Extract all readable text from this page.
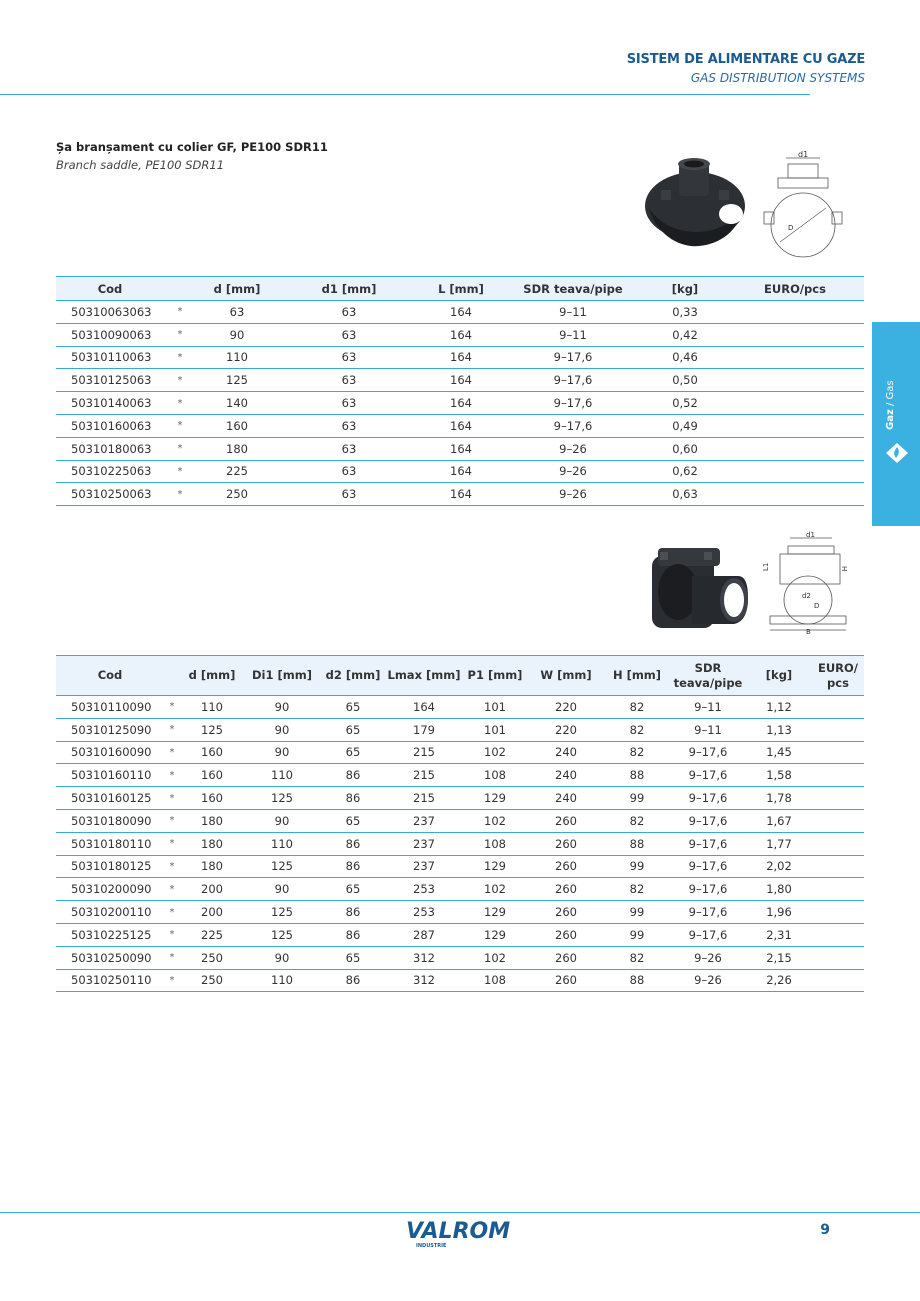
SISTEM DE ALIMENTARE CU GAZE
GAS DISTRIBUTION SYSTEMS
Gaz / Gas
Șa branșament cu colier GF, PE100 SDR11
Branch saddle, PE100 SDR11
d1
D
Cod		d [mm]	d1 [mm]	L [mm]	SDR teava/pipe	[kg]	EURO/pcs
50310063063	*	63	63	164	9–11	0,33	
50310090063	*	90	63	164	9–11	0,42	
50310110063	*	110	63	164	9–17,6	0,46	
50310125063	*	125	63	164	9–17,6	0,50	
50310140063	*	140	63	164	9–17,6	0,52	
50310160063	*	160	63	164	9–17,6	0,49	
50310180063	*	180	63	164	9–26	0,60	
50310225063	*	225	63	164	9–26	0,62	
50310250063	*	250	63	164	9–26	0,63	
d1
L1	H
d2
D
B
Cod		d [mm]	Di1 [mm]	d2 [mm]	Lmax [mm]	P1 [mm]	W [mm]	H [mm]	SDR teava/pipe	[kg]	EURO/ pcs
50310110090	*	110	90	65	164	101	220	82	9–11	1,12	
50310125090	*	125	90	65	179	101	220	82	9–11	1,13	
50310160090	*	160	90	65	215	102	240	82	9–17,6	1,45	
50310160110	*	160	110	86	215	108	240	88	9–17,6	1,58	
50310160125	*	160	125	86	215	129	240	99	9–17,6	1,78	
50310180090	*	180	90	65	237	102	260	82	9–17,6	1,67	
50310180110	*	180	110	86	237	108	260	88	9–17,6	1,77	
50310180125	*	180	125	86	237	129	260	99	9–17,6	2,02	
50310200090	*	200	90	65	253	102	260	82	9–17,6	1,80	
50310200110	*	200	125	86	253	129	260	99	9–17,6	1,96	
50310225125	*	225	125	86	287	129	260	99	9–17,6	2,31	
50310250090	*	250	90	65	312	102	260	82	9–26	2,15	
50310250110	*	250	110	86	312	108	260	88	9–26	2,26	
VALROM
INDUSTRIE
9
